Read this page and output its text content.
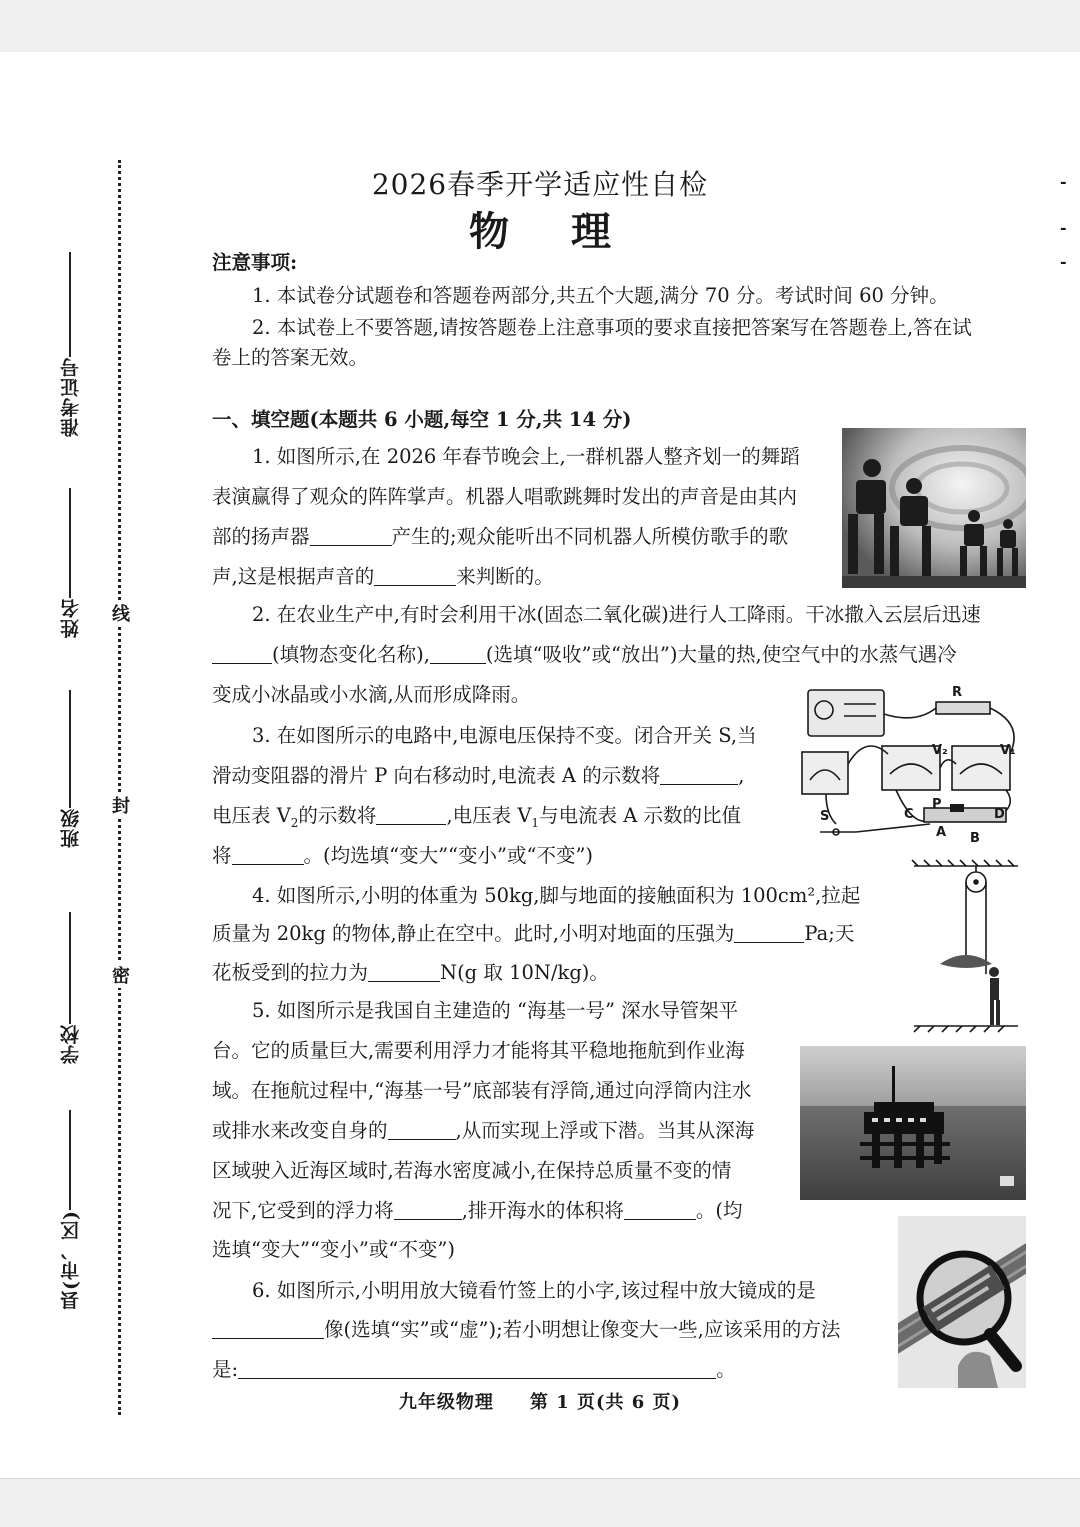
线
封
密
准考证号
姓名
班级
学校
县(市、区)
2026春季开学适应性自检
物理
-
-
-
注意事项:
1. 本试卷分试题卷和答题卷两部分,共五个大题,满分 70 分。考试时间 60 分钟。
2. 本试卷上不要答题,请按答题卷上注意事项的要求直接把答案写在答题卷上,答在试
卷上的答案无效。
一、填空题(本题共 6 小题,每空 1 分,共 14 分)
1. 如图所示,在 2026 年春节晚会上,一群机器人整齐划一的舞蹈
表演赢得了观众的阵阵掌声。机器人唱歌跳舞时发出的声音是由其内
部的扬声器	产生的;观众能听出不同机器人所模仿歌手的歌
声,这是根据声音的	来判断的。
2. 在农业生产中,有时会利用干冰(固态二氧化碳)进行人工降雨。干冰撒入云层后迅速
(填物态变化名称),	(选填“吸收”或“放出”)大量的热,使空气中的水蒸气遇冷
变成小冰晶或小水滴,从而形成降雨。
3. 在如图所示的电路中,电源电压保持不变。闭合开关 S,当
滑动变阻器的滑片 P 向右移动时,电流表 A 的示数将	,
电压表 $V_2$的示数将	,电压表 $V_1$与电流表 A 示数的比值
将	。(均选填“变大”“变小”或“不变”)
R
V₂	V₁
S	C
P
D
A B
4. 如图所示,小明的体重为 50kg,脚与地面的接触面积为 100cm²,拉起
质量为 20kg 的物体,静止在空中。此时,小明对地面的压强为	Pa;天
花板受到的拉力为	N(g 取 10N/kg)。
5. 如图所示是我国自主建造的 “海基一号” 深水导管架平
台。它的质量巨大,需要利用浮力才能将其平稳地拖航到作业海
域。在拖航过程中,“海基一号”底部装有浮筒,通过向浮筒内注水
或排水来改变自身的	,从而实现上浮或下潜。当其从深海
区域驶入近海区域时,若海水密度减小,在保持总质量不变的情
况下,它受到的浮力将	,排开海水的体积将	。(均
选填“变大”“变小”或“不变”)
6. 如图所示,小明用放大镜看竹签上的小字,该过程中放大镜成的是
像(选填“实”或“虚”);若小明想让像变大一些,应该采用的方法
是:	。
九年级物理 第 1 页(共 6 页)
